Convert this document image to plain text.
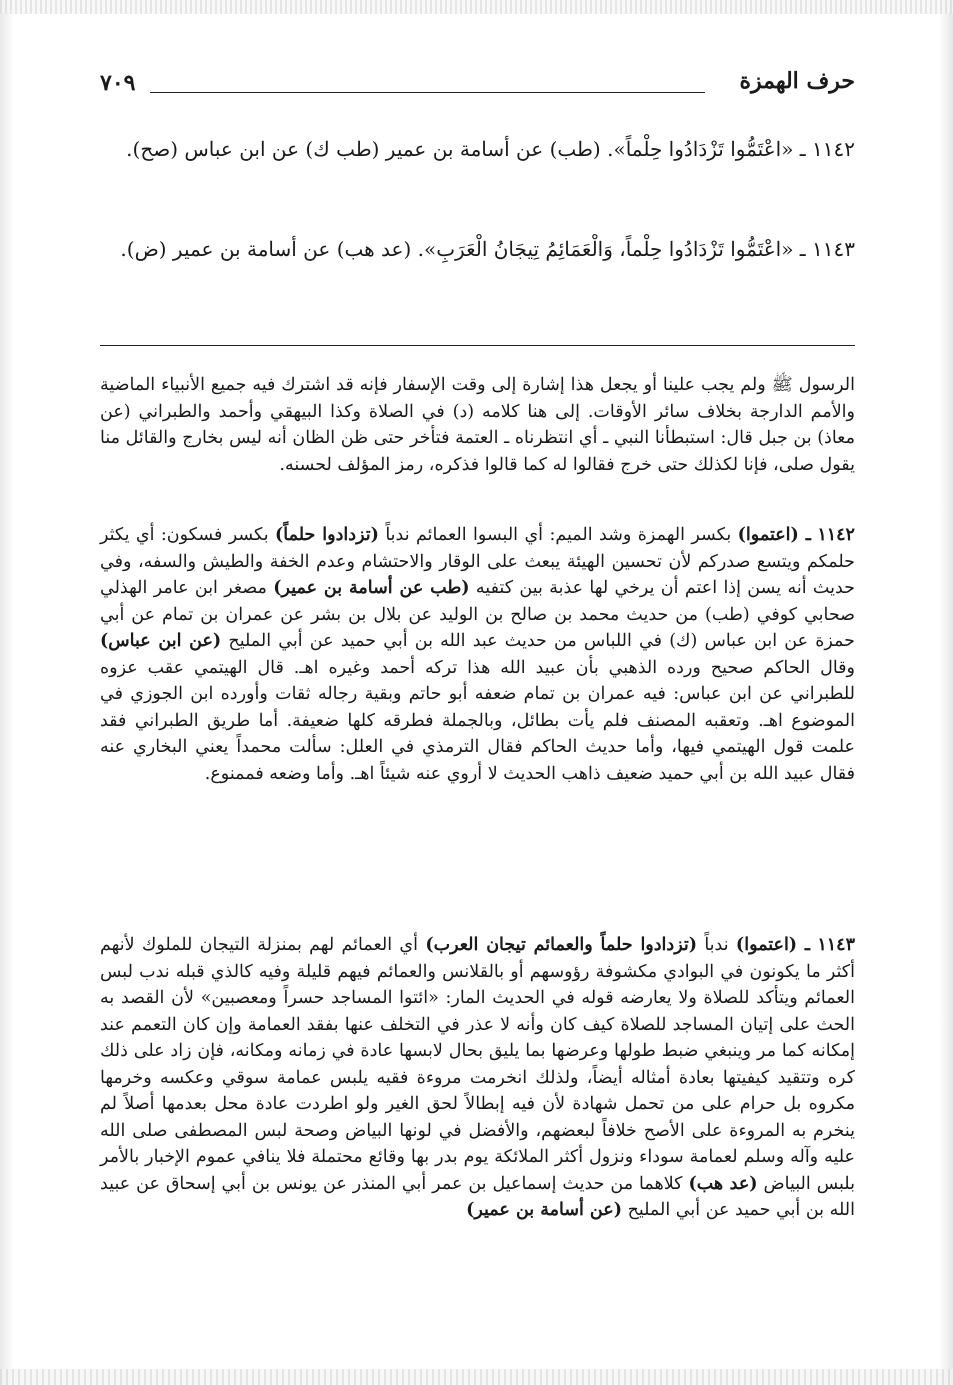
حرف الهمزة
٧٠٩

١١٤٢ ـ «اعْتَمُّوا تَزْدَادُوا حِلْماً». (طب) عن أسامة بن عمير (طب ك) عن ابن عباس (صح).

١١٤٣ ـ «اعْتَمُّوا تَزْدَادُوا حِلْماً، وَالْعَمَائِمُ تِيجَانُ الْعَرَبِ». (عد هب) عن أسامة بن عمير (ض).

الرسول ﷺ ولم يجب علينا أو يجعل هذا إشارة إلى وقت الإسفار فإنه قد اشترك فيه جميع الأنبياء الماضية والأمم الدارجة بخلاف سائر الأوقات. إلى هنا كلامه (د) في الصلاة وكذا البيهقي وأحمد والطبراني (عن معاذ) بن جبل قال: استبطأنا النبي ـ أي انتظرناه ـ العتمة فتأخر حتى ظن الظان أنه ليس بخارج والقائل منا يقول صلى، فإنا لكذلك حتى خرج فقالوا له كما قالوا فذكره، رمز المؤلف لحسنه.

١١٤٢ ـ (اعتموا) بكسر الهمزة وشد الميم: أي البسوا العمائم ندباً (تزدادوا حلماً) بكسر فسكون: أي يكثر حلمكم ويتسع صدركم لأن تحسين الهيئة يبعث على الوقار والاحتشام وعدم الخفة والطيش والسفه، وفي حديث أنه يسن إذا اعتم أن يرخي لها عذبة بين كتفيه (طب عن أسامة بن عمير) مصغر ابن عامر الهذلي صحابي كوفي (طب) من حديث محمد بن صالح بن الوليد عن بلال بن بشر عن عمران بن تمام عن أبي حمزة عن ابن عباس (ك) في اللباس من حديث عبد الله بن أبي حميد عن أبي المليح (عن ابن عباس) وقال الحاكم صحيح ورده الذهبي بأن عبيد الله هذا تركه أحمد وغيره اهـ. قال الهيتمي عقب عزوه للطبراني عن ابن عباس: فيه عمران بن تمام ضعفه أبو حاتم وبقية رجاله ثقات وأورده ابن الجوزي في الموضوع اهـ. وتعقبه المصنف فلم يأت بطائل، وبالجملة فطرقه كلها ضعيفة. أما طريق الطبراني فقد علمت قول الهيتمي فيها، وأما حديث الحاكم فقال الترمذي في العلل: سألت محمداً يعني البخاري عنه فقال عبيد الله بن أبي حميد ضعيف ذاهب الحديث لا أروي عنه شيئاً اهـ. وأما وضعه فممنوع.

١١٤٣ ـ (اعتموا) ندباً (تزدادوا حلماً والعمائم تيجان العرب) أي العمائم لهم بمنزلة التيجان للملوك لأنهم أكثر ما يكونون في البوادي مكشوفة رؤوسهم أو بالقلانس والعمائم فيهم قليلة وفيه كالذي قبله ندب لبس العمائم ويتأكد للصلاة ولا يعارضه قوله في الحديث المار: «ائتوا المساجد حسراً ومعصبين» لأن القصد به الحث على إتيان المساجد للصلاة كيف كان وأنه لا عذر في التخلف عنها بفقد العمامة وإن كان التعمم عند إمكانه كما مر وينبغي ضبط طولها وعرضها بما يليق بحال لابسها عادة في زمانه ومكانه، فإن زاد على ذلك كره وتتقيد كيفيتها بعادة أمثاله أيضاً، ولذلك انخرمت مروءة فقيه يلبس عمامة سوقي وعكسه وخرمها مكروه بل حرام على من تحمل شهادة لأن فيه إبطالاً لحق الغير ولو اطردت عادة محل بعدمها أصلاً لم ينخرم به المروءة على الأصح خلافاً لبعضهم، والأفضل في لونها البياض وصحة لبس المصطفى صلى الله عليه وآله وسلم لعمامة سوداء ونزول أكثر الملائكة يوم بدر بها وقائع محتملة فلا ينافي عموم الإخبار بالأمر بلبس البياض (عد هب) كلاهما من حديث إسماعيل بن عمر أبي المنذر عن يونس بن أبي إسحاق عن عبيد الله بن أبي حميد عن أبي المليح (عن أسامة بن عمير)
